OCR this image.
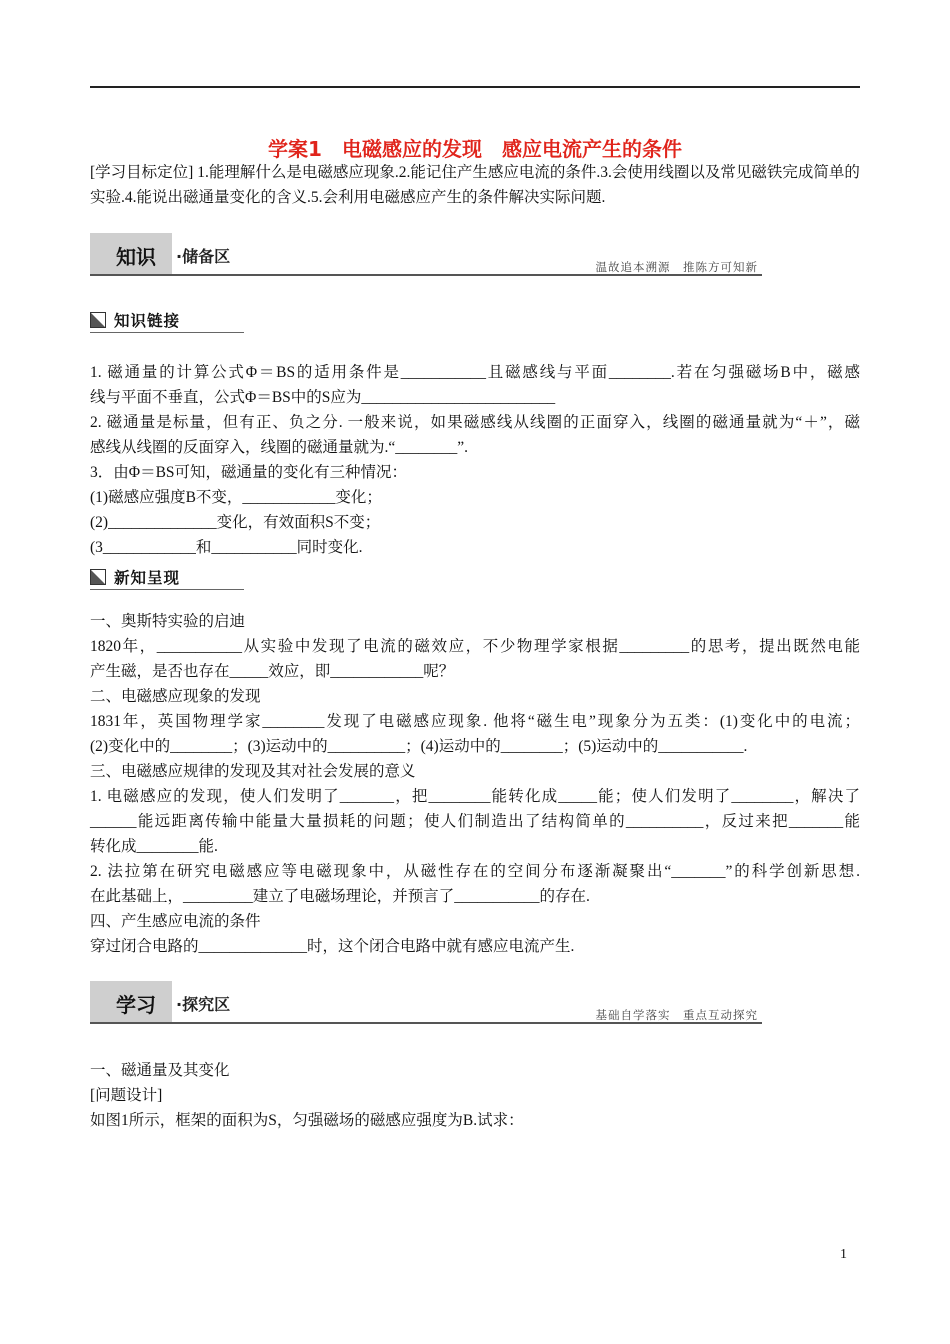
学案1　电磁感应的发现　感应电流产生的条件
[学习目标定位] 1.能理解什么是电磁感应现象.2.能记住产生感应电流的条件.3.会使用线圈以及常见磁铁完成简单的实验.4.能说出磁通量变化的含义.5.会利用电磁感应产生的条件解决实际问题.
知识 ·储备区
温故追本溯源　推陈方可知新
知识链接
1. 磁通量的计算公式Φ＝BS的适用条件是___________且磁感线与平面________.若在匀强磁场B中，磁感
线与平面不垂直，公式Φ＝BS中的S应为_________________________
2. 磁通量是标量，但有正、负之分. 一般来说，如果磁感线从线圈的正面穿入，线圈的磁通量就为“＋”，磁
感线从线圈的反面穿入，线圈的磁通量就为.“________”.
3．由Φ＝BS可知，磁通量的变化有三种情况：
(1)磁感应强度B不变，____________变化；
(2)______________变化，有效面积S不变；
(3____________和___________同时变化.
新知呈现
一、奥斯特实验的启迪
1820年，___________从实验中发现了电流的磁效应，不少物理学家根据_________的思考，提出既然电能
产生磁，是否也存在_____效应，即____________呢？
二、电磁感应现象的发现
1831年，英国物理学家________发现了电磁感应现象. 他将“磁生电”现象分为五类：(1)变化中的电流；
(2)变化中的________；(3)运动中的__________；(4)运动中的________；(5)运动中的___________.
三、电磁感应规律的发现及其对社会发展的意义
1. 电磁感应的发现，使人们发明了_______，把________能转化成_____能；使人们发明了________，解决了
______能远距离传输中能量大量损耗的问题；使人们制造出了结构简单的__________，反过来把_______能
转化成________能.
2. 法拉第在研究电磁感应等电磁现象中，从磁性存在的空间分布逐渐凝聚出“_______”的科学创新思想.
在此基础上，_________建立了电磁场理论，并预言了___________的存在.
四、产生感应电流的条件
穿过闭合电路的______________时，这个闭合电路中就有感应电流产生.
学习 ·探究区
基础自学落实　重点互动探究
一、磁通量及其变化
[问题设计]
如图1所示，框架的面积为S，匀强磁场的磁感应强度为B.试求：
1
